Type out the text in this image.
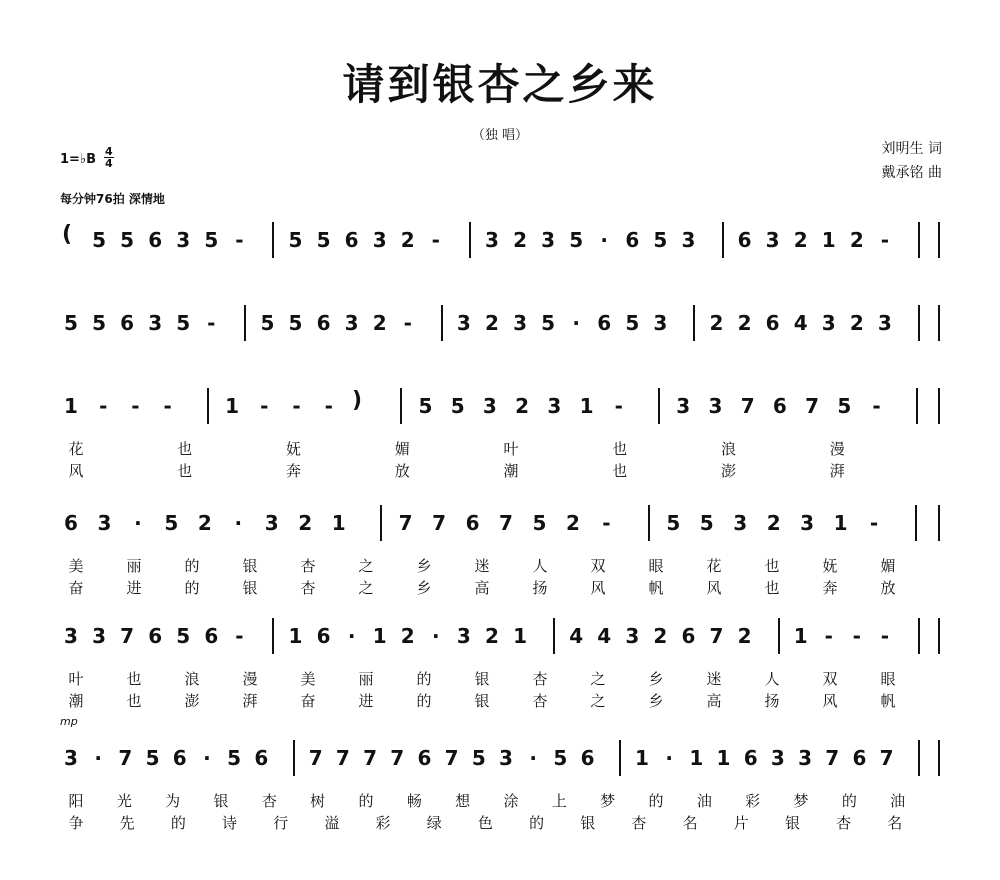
请到银杏之乡来
（独 唱）
刘明生 词
戴承铭 曲
1=♭B
4
4
每分钟76拍 深情地
mp
( 5 5 6 3 5 - 5 5 6 3 2 - 3 2 3 5 · 6 5 3 6 3 2 1 2 -
5 5 6 3 5 - 5 5 6 3 2 - 3 2 3 5 · 6 5 3 2 2 6 4 3 2 3
1 - - -	1 - - - )	5 5 3 2 3 1 -	3 3 7 6 7 5 -
花	也	妩	媚	叶	也	浪	漫
风	也	奔	放	潮	也	澎	湃
6 3 · 5 2 · 3 2 1	7 7 6 7 5 2 -	5 5 3 2 3 1 -
美	丽	的	银	杏	之	乡	迷	人	双	眼	花	也	妩	媚
奋	进	的	银	杏	之	乡	高	扬	风	帆	风	也	奔	放
3 3 7 6 5 6 - 1 6 · 1 2 · 3 2 1 4 4 3 2 6 7 2 1 - - -
叶	也	浪	漫	美	丽	的	银	杏	之	乡	迷	人	双	眼
潮	也	澎	湃	奋	进	的	银	杏	之	乡	高	扬	风	帆
3 · 7 5 6 · 5 6 7 7 7 7 6 7 5 3 · 5 6 1 · 1 1 6 3 3 7 6 7
阳	光	为	银	杏	树	的	畅	想	涂	上	梦	的	油	彩	梦	的	油
争	先	的	诗	行	溢	彩	绿	色	的	银	杏	名	片	银	杏	名
